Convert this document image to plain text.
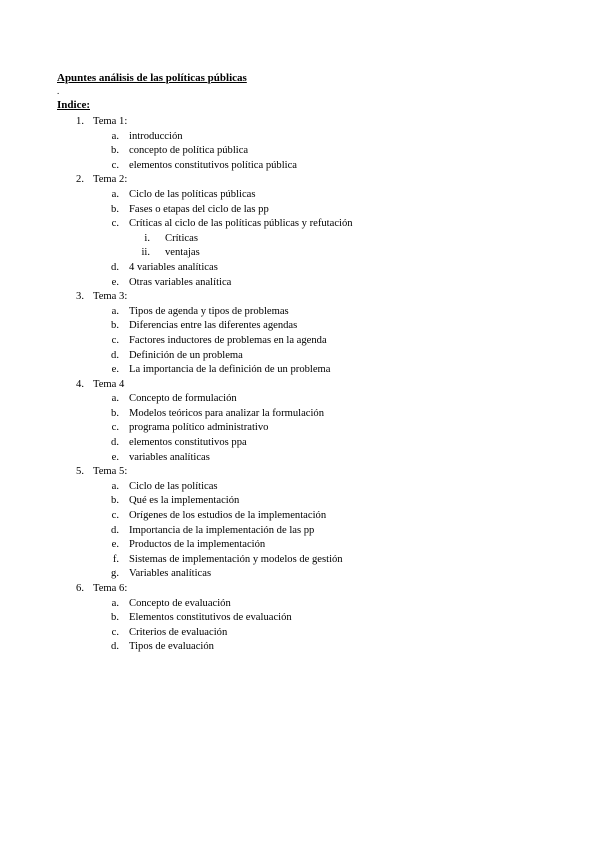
Apuntes análisis de las políticas públicas
.
Indice:
1. Tema 1:
a. introducción
b. concepto de política pública
c. elementos constitutivos política pública
2. Tema 2:
a. Ciclo de las políticas públicas
b. Fases o etapas del ciclo de las pp
c. Críticas al ciclo de las políticas públicas y refutación
i. Críticas
ii. ventajas
d. 4 variables analíticas
e. Otras variables analítica
3. Tema 3:
a. Tipos de agenda y tipos de problemas
b. Diferencias entre las diferentes agendas
c. Factores inductores de problemas en la agenda
d. Definición de un problema
e. La importancia de la definición de un problema
4. Tema 4
a. Concepto de formulación
b. Modelos teóricos para analizar la formulación
c. programa político administrativo
d. elementos constitutivos ppa
e. variables analíticas
5. Tema 5:
a. Ciclo de las políticas
b. Qué es la implementación
c. Orígenes de los estudios de la implementación
d. Importancia de la implementación de las pp
e. Productos de la implementación
f. Sistemas de implementación y modelos de gestión
g. Variables analíticas
6. Tema 6:
a. Concepto de evaluación
b. Elementos constitutivos de evaluación
c. Criterios de evaluación
d. Tipos de evaluación
